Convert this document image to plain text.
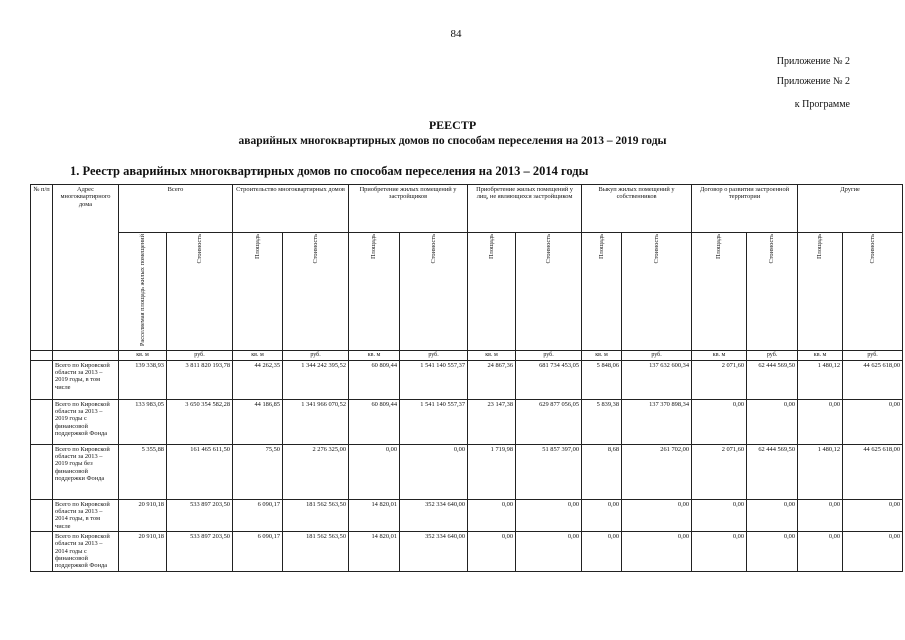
84
Приложение № 2
Приложение № 2
к Программе
РЕЕСТР
аварийных многоквартирных домов по способам переселения на 2013 – 2019 годы
1. Реестр аварийных многоквартирных домов по способам переселения на 2013 – 2014 годы
№ п/п	Адрес многоквартирного дома	Всего		Строительство многоквартирных домов		Приобретение жилых помещений у застройщиков		Приобретение жилых помещений у лиц, не являющихся застройщиком		Выкуп жилых помещений у собственников		Договор о развитии застроенной территории		Другие	
		Расселяемая площадь жилых помещений	Стоимость	Площадь	Стоимость	Площадь	Стоимость	Площадь	Стоимость	Площадь	Стоимость	Площадь	Стоимость	Площадь	Стоимость
		кв. м	руб.	кв. м	руб.	кв. м	руб.	кв. м	руб.	кв. м	руб.	кв. м	руб.	кв. м	руб.
	Всего по Кировской области за 2013 – 2019 годы, в том числе	139 338,93	3 811 820 193,78	44 262,35	1 344 242 395,52	60 809,44	1 541 140 557,37	24 867,36	681 734 453,05	5 848,06	137 632 600,34	2 071,60	62 444 569,50	1 480,12	44 625 618,00
	Всего по Кировской области за 2013 – 2019 годы с финансовой поддержкой Фонда	133 983,05	3 650 354 582,28	44 186,85	1 341 966 070,52	60 809,44	1 541 140 557,37	23 147,38	629 877 056,05	5 839,38	137 370 898,34	0,00	0,00	0,00	0,00
	Всего по Кировской области за 2013 – 2019 годы без финансовой поддержки Фонда	5 355,88	161 465 611,50	75,50	2 276 325,00	0,00	0,00	1 719,98	51 857 397,00	8,68	261 702,00	2 071,60	62 444 569,50	1 480,12	44 625 618,00
	Всего по Кировской области за 2013 – 2014 годы, в том числе	20 910,18	533 897 203,50	6 090,17	181 562 563,50	14 820,01	352 334 640,00	0,00	0,00	0,00	0,00	0,00	0,00	0,00	0,00
	Всего по Кировской области за 2013 – 2014 годы с финансовой поддержкой Фонда	20 910,18	533 897 203,50	6 090,17	181 562 563,50	14 820,01	352 334 640,00	0,00	0,00	0,00	0,00	0,00	0,00	0,00	0,00
